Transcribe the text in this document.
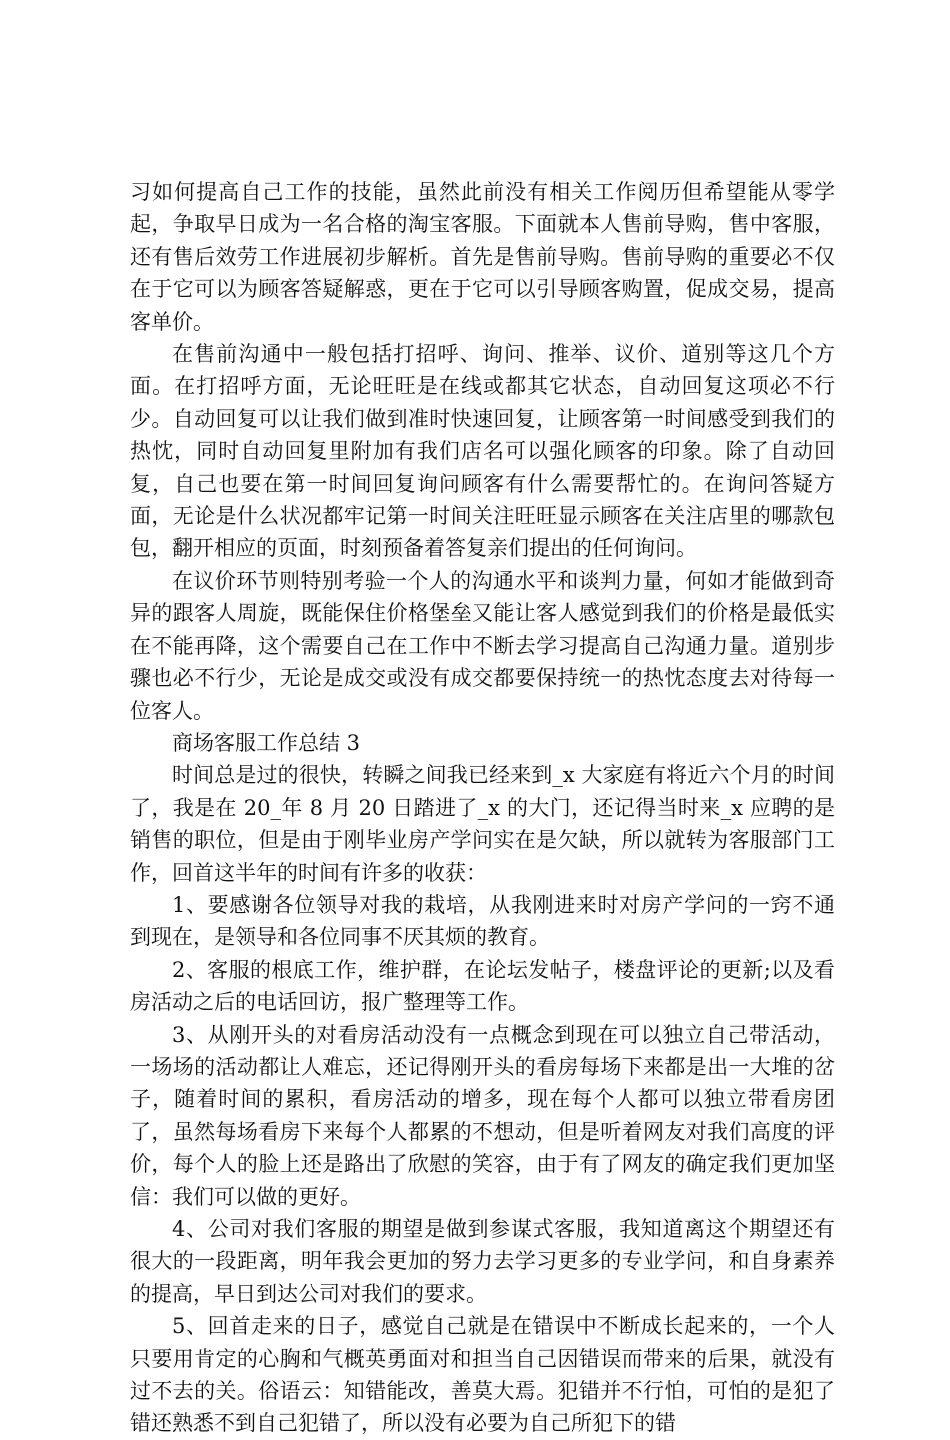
习如何提高自己工作的技能，虽然此前没有相关工作阅历但希望能从零学起，争取早日成为一名合格的淘宝客服。下面就本人售前导购，售中客服，还有售后效劳工作进展初步解析。首先是售前导购。售前导购的重要必不仅在于它可以为顾客答疑解惑，更在于它可以引导顾客购置，促成交易，提高客单价。

在售前沟通中一般包括打招呼、询问、推举、议价、道别等这几个方面。在打招呼方面，无论旺旺是在线或都其它状态，自动回复这项必不行少。自动回复可以让我们做到准时快速回复，让顾客第一时间感受到我们的热忱，同时自动回复里附加有我们店名可以强化顾客的印象。除了自动回复，自己也要在第一时间回复询问顾客有什么需要帮忙的。在询问答疑方面，无论是什么状况都牢记第一时间关注旺旺显示顾客在关注店里的哪款包包，翻开相应的页面，时刻预备着答复亲们提出的任何询问。

在议价环节则特别考验一个人的沟通水平和谈判力量，何如才能做到奇异的跟客人周旋，既能保住价格堡垒又能让客人感觉到我们的价格是最低实在不能再降，这个需要自己在工作中不断去学习提高自己沟通力量。道别步骤也必不行少，无论是成交或没有成交都要保持统一的热忱态度去对待每一位客人。

商场客服工作总结 3

时间总是过的很快，转瞬之间我已经来到_x 大家庭有将近六个月的时间了，我是在 20_年 8 月 20 日踏进了_x 的大门，还记得当时来_x 应聘的是销售的职位，但是由于刚毕业房产学问实在是欠缺，所以就转为客服部门工作，回首这半年的时间有许多的收获：

1、要感谢各位领导对我的栽培，从我刚进来时对房产学问的一窍不通到现在，是领导和各位同事不厌其烦的教育。

2、客服的根底工作，维护群，在论坛发帖子，楼盘评论的更新;以及看房活动之后的电话回访，报广整理等工作。

3、从刚开头的对看房活动没有一点概念到现在可以独立自己带活动，一场场的活动都让人难忘，还记得刚开头的看房每场下来都是出一大堆的岔子，随着时间的累积，看房活动的增多，现在每个人都可以独立带看房团了，虽然每场看房下来每个人都累的不想动，但是听着网友对我们高度的评价，每个人的脸上还是路出了欣慰的笑容，由于有了网友的确定我们更加坚信：我们可以做的更好。

4、公司对我们客服的期望是做到参谋式客服，我知道离这个期望还有很大的一段距离，明年我会更加的努力去学习更多的专业学问，和自身素养的提高，早日到达公司对我们的要求。

5、回首走来的日子，感觉自己就是在错误中不断成长起来的，一个人只要用肯定的心胸和气概英勇面对和担当自己因错误而带来的后果，就没有过不去的关。俗语云：知错能改，善莫大焉。犯错并不行怕，可怕的是犯了错还熟悉不到自己犯错了，所以没有必要为自己所犯下的错
